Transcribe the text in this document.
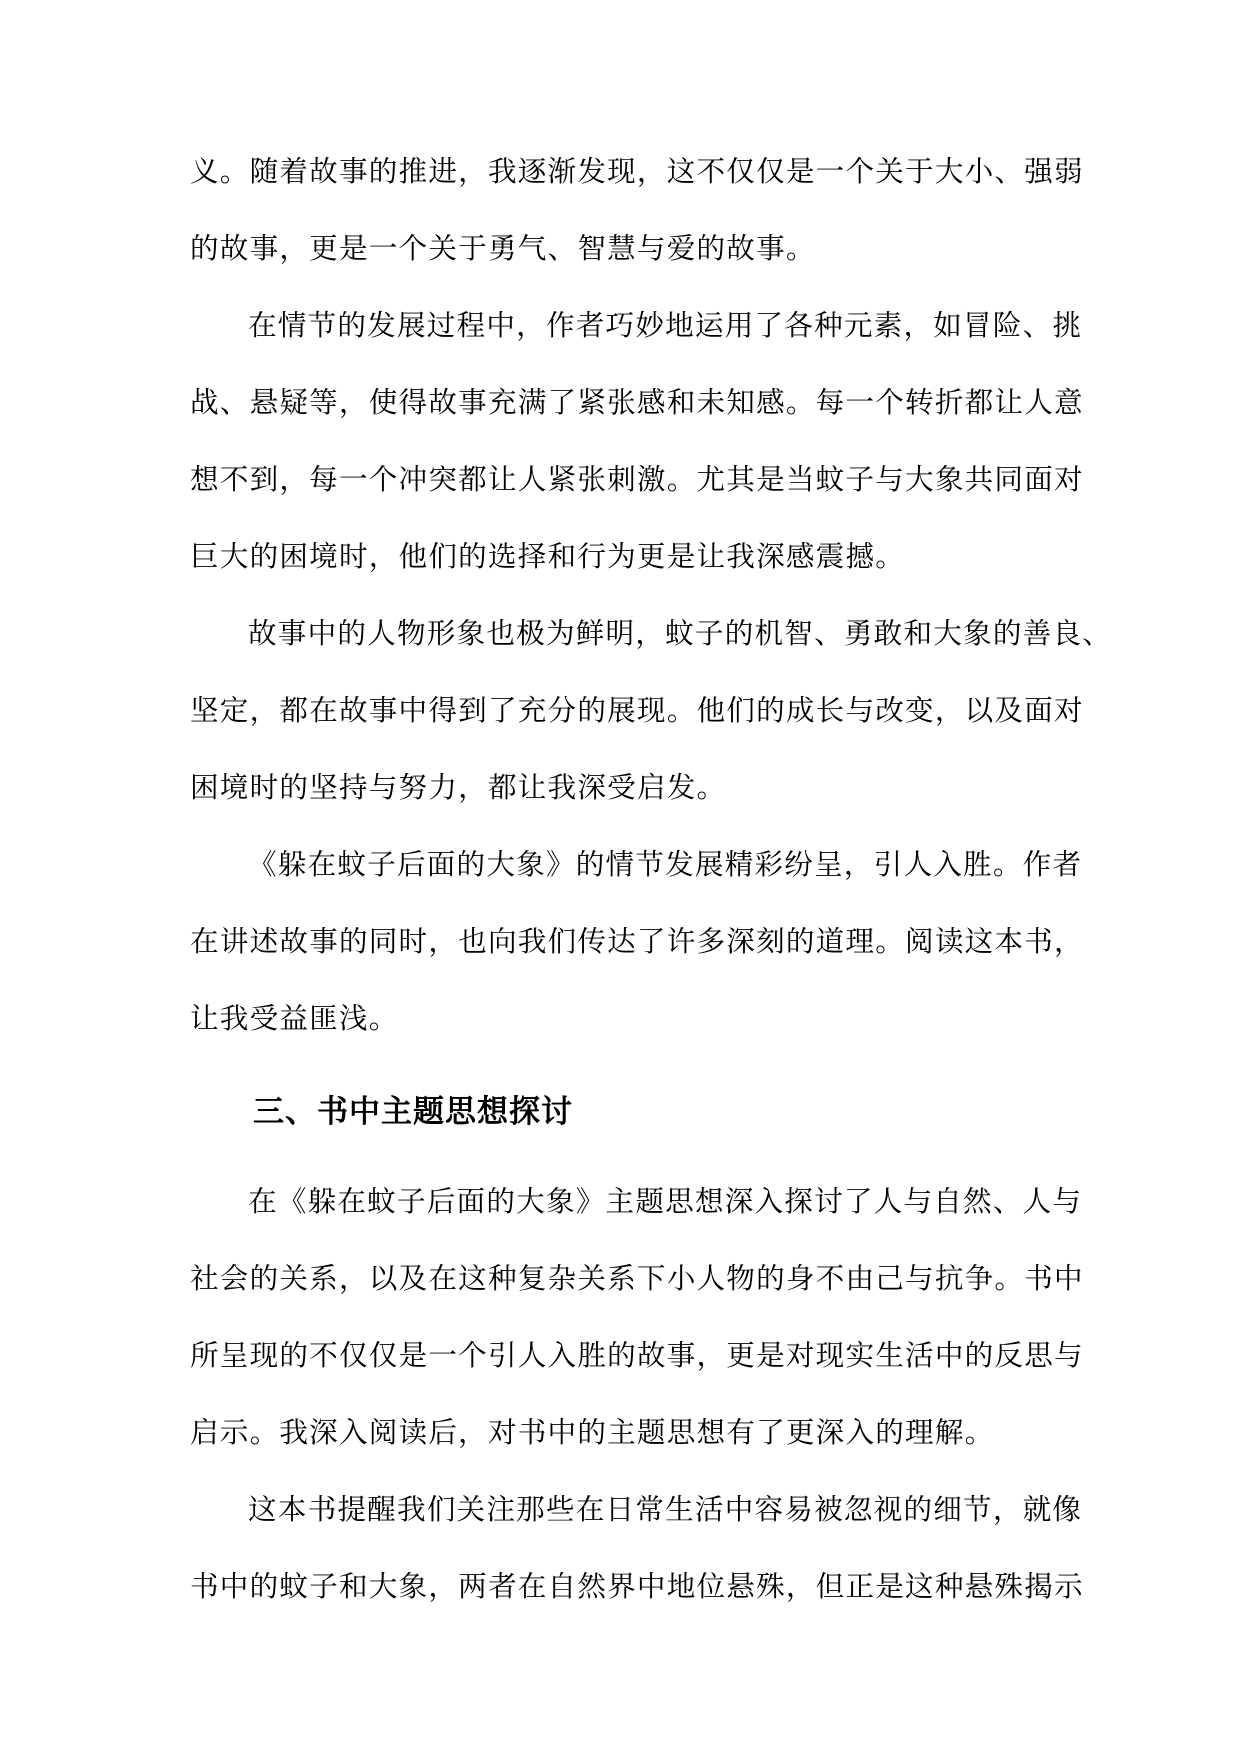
义。随着故事的推进，我逐渐发现，这不仅仅是一个关于大小、强弱
的故事，更是一个关于勇气、智慧与爱的故事。
在情节的发展过程中，作者巧妙地运用了各种元素，如冒险、挑
战、悬疑等，使得故事充满了紧张感和未知感。每一个转折都让人意
想不到，每一个冲突都让人紧张刺激。尤其是当蚊子与大象共同面对
巨大的困境时，他们的选择和行为更是让我深感震撼。
故事中的人物形象也极为鲜明，蚊子的机智、勇敢和大象的善良、
坚定，都在故事中得到了充分的展现。他们的成长与改变，以及面对
困境时的坚持与努力，都让我深受启发。
《躲在蚊子后面的大象》的情节发展精彩纷呈，引人入胜。作者
在讲述故事的同时，也向我们传达了许多深刻的道理。阅读这本书，
让我受益匪浅。
三、书中主题思想探讨
在《躲在蚊子后面的大象》主题思想深入探讨了人与自然、人与
社会的关系，以及在这种复杂关系下小人物的身不由己与抗争。书中
所呈现的不仅仅是一个引人入胜的故事，更是对现实生活中的反思与
启示。我深入阅读后，对书中的主题思想有了更深入的理解。
这本书提醒我们关注那些在日常生活中容易被忽视的细节，就像
书中的蚊子和大象，两者在自然界中地位悬殊，但正是这种悬殊揭示
